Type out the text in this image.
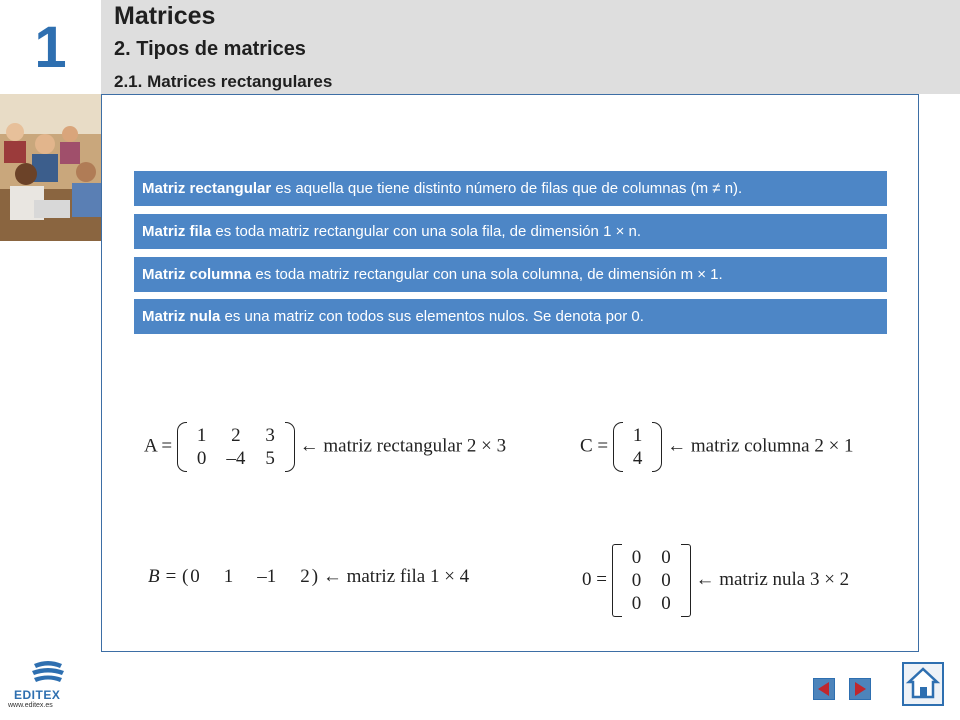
1	Matrices
2. Tipos de matrices
2.1. Matrices rectangulares
Matriz rectangular es aquella que tiene distinto número de filas que de columnas (m ≠ n).
Matriz fila es toda matriz rectangular con una sola fila, de dimensión 1 × n.
Matriz columna es toda matriz rectangular con una sola columna, de dimensión m × 1.
Matriz nula es una matriz con todos sus elementos nulos. Se denota por 0.
A = 1	2	3
0	–4	5
← matriz rectangular 2 × 3	C = 1
4
← matriz columna 2 × 1
B = ( 0 1 –1 2 ) ← matriz fila 1 × 4	0 =
0	0
0	0
0	0
← matriz nula 3 × 2
EDITEX
www.editex.es
